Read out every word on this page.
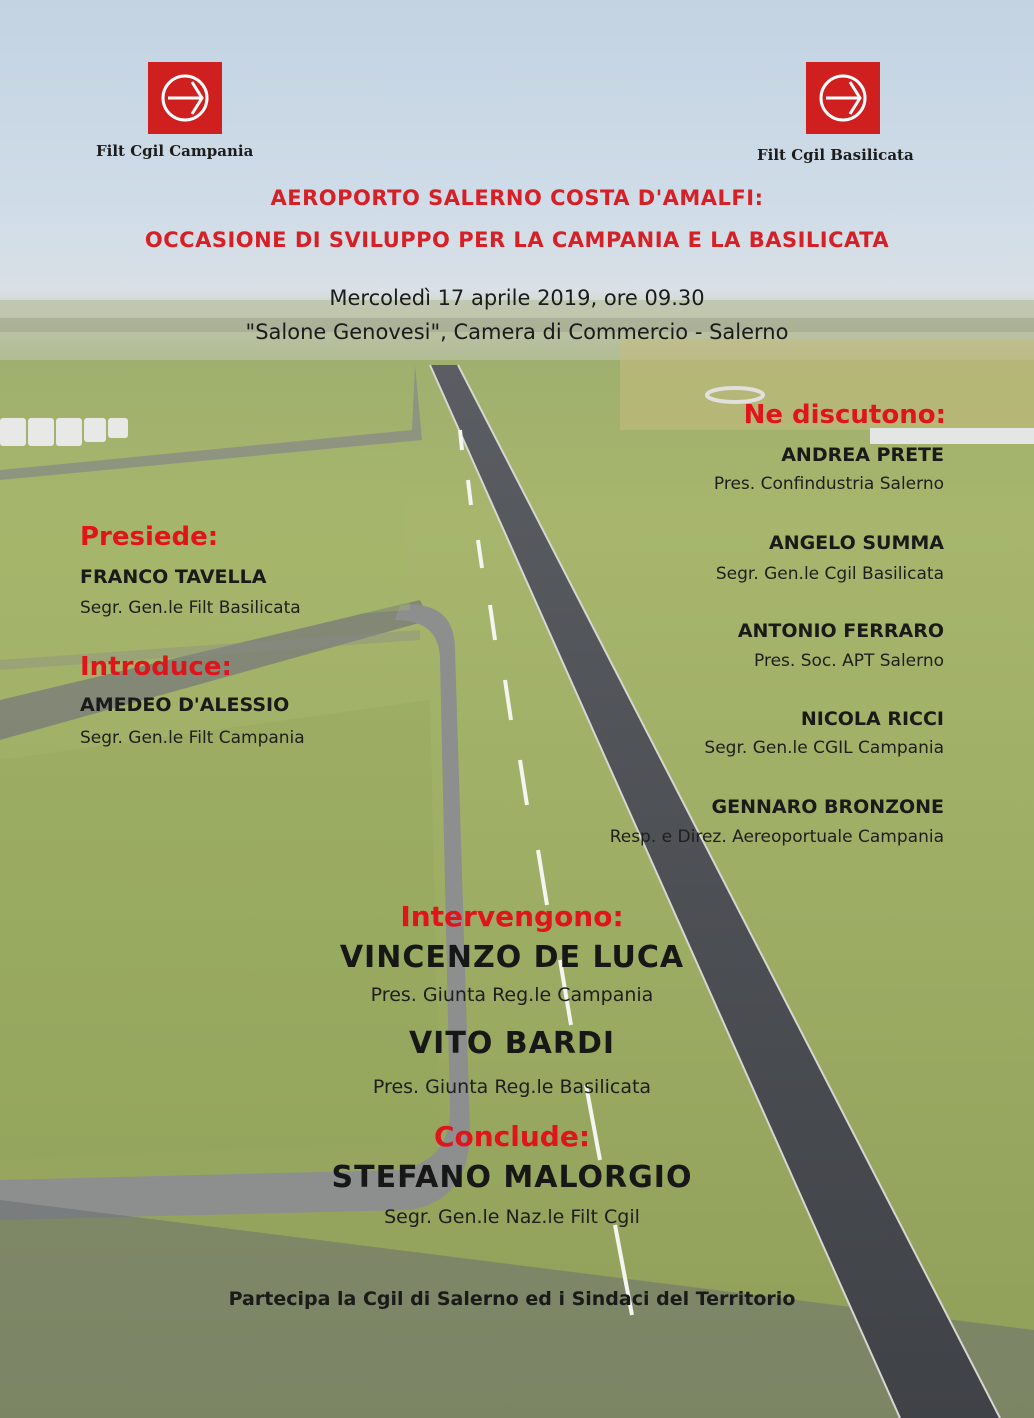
Filt Cgil Campania	Filt Cgil Basilicata
AEROPORTO SALERNO COSTA D'AMALFI:
OCCASIONE DI SVILUPPO PER LA CAMPANIA E LA BASILICATA
Mercoledì 17 aprile 2019, ore 09.30
"Salone Genovesi", Camera di Commercio - Salerno
Presiede:
FRANCO TAVELLA
Segr. Gen.le Filt Basilicata
Introduce:
AMEDEO D'ALESSIO
Segr. Gen.le Filt Campania
Ne discutono:
ANDREA PRETE
Pres. Confindustria Salerno
ANGELO SUMMA
Segr. Gen.le Cgil Basilicata
ANTONIO FERRARO
Pres. Soc. APT Salerno
NICOLA RICCI
Segr. Gen.le CGIL Campania
GENNARO BRONZONE
Resp. e Direz. Aereoportuale Campania
Intervengono:
VINCENZO DE LUCA
Pres. Giunta Reg.le Campania
VITO BARDI
Pres. Giunta Reg.le Basilicata
Conclude:
STEFANO MALORGIO
Segr. Gen.le Naz.le Filt Cgil
Partecipa la Cgil di Salerno ed i Sindaci del Territorio
